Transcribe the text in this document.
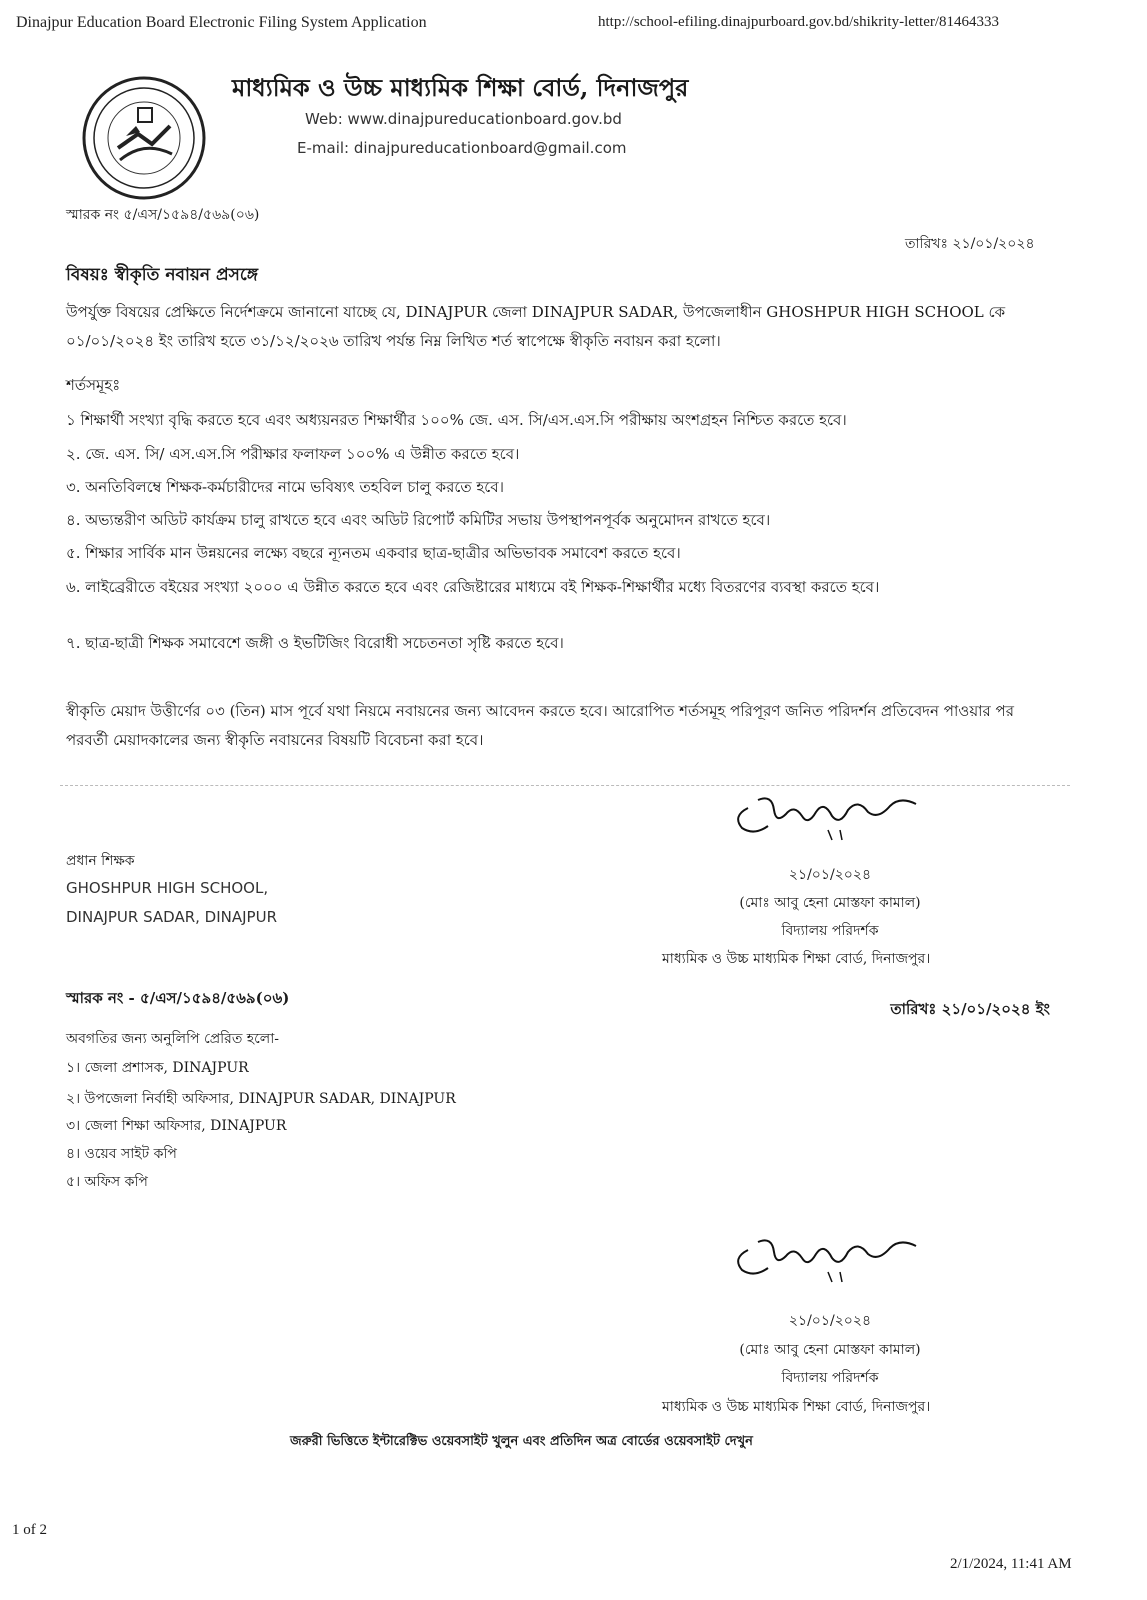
Dinajpur Education Board Electronic Filing System Application	http://school-efiling.dinajpurboard.gov.bd/shikrity-letter/81464333
মাধ্যমিক ও উচ্চ মাধ্যমিক শিক্ষা বোর্ড, দিনাজপুর
Web: www.dinajpureducationboard.gov.bd
E-mail: dinajpureducationboard@gmail.com
স্মারক নং ৫/এস/১৫৯৪/৫৬৯(০৬)
তারিখঃ ২১/০১/২০২৪
বিষয়ঃ স্বীকৃতি নবায়ন প্রসঙ্গে
উপর্যুক্ত বিষয়ের প্রেক্ষিতে নির্দেশক্রমে জানানো যাচ্ছে যে, DINAJPUR জেলা DINAJPUR SADAR, উপজেলাধীন GHOSHPUR HIGH SCHOOL কে ০১/০১/২০২৪ ইং তারিখ হতে ৩১/১২/২০২৬ তারিখ পর্যন্ত নিম্ন লিখিত শর্ত স্বাপেক্ষে স্বীকৃতি নবায়ন করা হলো।
শর্তসমূহঃ
১ শিক্ষার্থী সংখ্যা বৃদ্ধি করতে হবে এবং অধ্যয়নরত শিক্ষার্থীর ১০০% জে. এস. সি/এস.এস.সি পরীক্ষায় অংশগ্রহন নিশ্চিত করতে হবে।
২. জে. এস. সি/ এস.এস.সি পরীক্ষার ফলাফল ১০০% এ উন্নীত করতে হবে।
৩. অনতিবিলম্বে শিক্ষক-কর্মচারীদের নামে ভবিষ্যৎ তহবিল চালু করতে হবে।
৪. অভ্যন্তরীণ অডিট কার্যক্রম চালু রাখতে হবে এবং অডিট রিপোর্ট কমিটির সভায় উপস্থাপনপূর্বক অনুমোদন রাখতে হবে।
৫. শিক্ষার সার্বিক মান উন্নয়নের লক্ষ্যে বছরে ন্যূনতম একবার ছাত্র-ছাত্রীর অভিভাবক সমাবেশ করতে হবে।
৬. লাইব্রেরীতে বইয়ের সংখ্যা ২০০০ এ উন্নীত করতে হবে এবং রেজিষ্টারের মাধ্যমে বই শিক্ষক-শিক্ষার্থীর মধ্যে বিতরণের ব্যবস্থা করতে হবে।
৭. ছাত্র-ছাত্রী শিক্ষক সমাবেশে জঙ্গী ও ইভটিজিং বিরোধী সচেতনতা সৃষ্টি করতে হবে।
স্বীকৃতি মেয়াদ উত্তীর্ণের ০৩ (তিন) মাস পূর্বে যথা নিয়মে নবায়নের জন্য আবেদন করতে হবে। আরোপিত শর্তসমূহ পরিপূরণ জনিত পরিদর্শন প্রতিবেদন পাওয়ার পর পরবর্তী মেয়াদকালের জন্য স্বীকৃতি নবায়নের বিষয়টি বিবেচনা করা হবে।
প্রধান শিক্ষক
GHOSHPUR HIGH SCHOOL,
DINAJPUR SADAR, DINAJPUR
২১/০১/২০২৪
(মোঃ আবু হেনা মোস্তফা কামাল)
বিদ্যালয় পরিদর্শক
মাধ্যমিক ও উচ্চ মাধ্যমিক শিক্ষা বোর্ড, দিনাজপুর।
স্মারক নং - ৫/এস/১৫৯৪/৫৬৯(০৬)
তারিখঃ ২১/০১/২০২৪ ইং
অবগতির জন্য অনুলিপি প্রেরিত হলো-
১। জেলা প্রশাসক, DINAJPUR
২। উপজেলা নির্বাহী অফিসার, DINAJPUR SADAR, DINAJPUR
৩। জেলা শিক্ষা অফিসার, DINAJPUR
৪। ওয়েব সাইট কপি
৫। অফিস কপি
২১/০১/২০২৪
(মোঃ আবু হেনা মোস্তফা কামাল)
বিদ্যালয় পরিদর্শক
মাধ্যমিক ও উচ্চ মাধ্যমিক শিক্ষা বোর্ড, দিনাজপুর।
জরুরী ভিত্তিতে ইন্টারেক্টিভ ওয়েবসাইট খুলুন এবং প্রতিদিন অত্র বোর্ডের ওয়েবসাইট দেখুন
1 of 2
2/1/2024, 11:41 AM
